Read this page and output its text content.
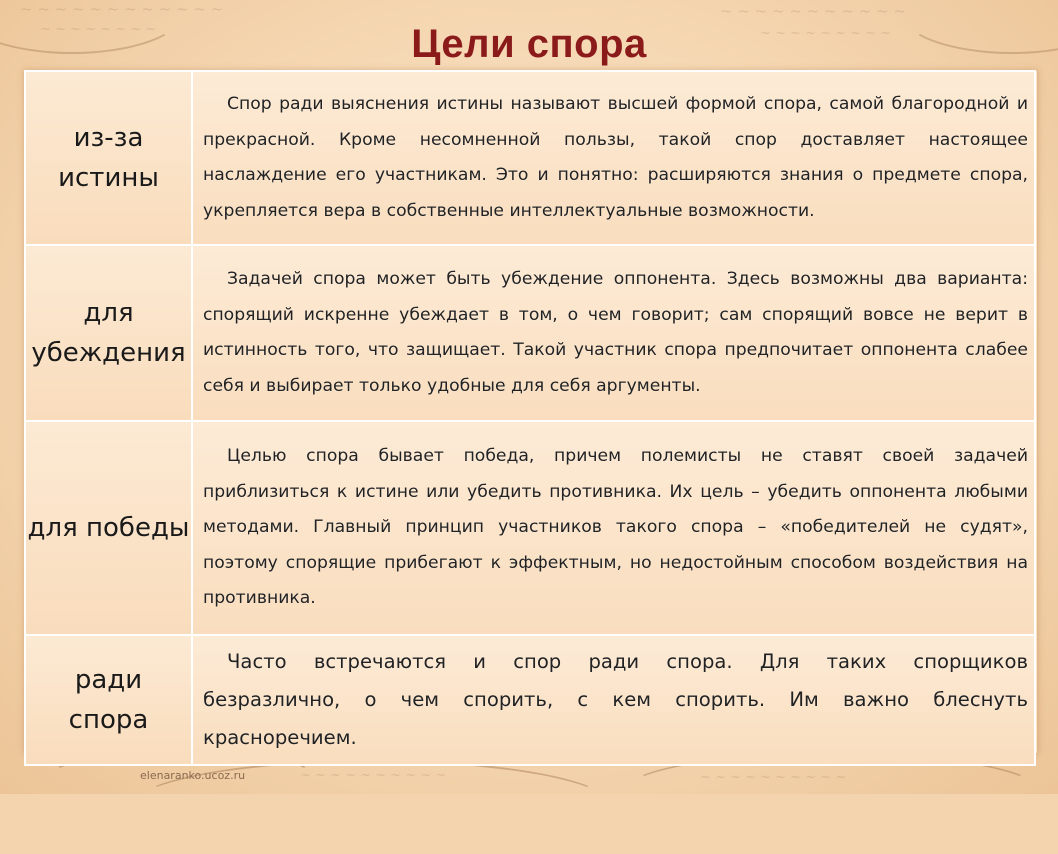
~ ~ ~ ~ ~ ~ ~ ~ ~ ~ ~ ~	~ ~ ~ ~ ~ ~ ~ ~ ~ ~ ~
~ ~ ~ ~ ~ ~ ~ ~	~ ~ ~ ~ ~ ~ ~ ~ ~
~ ~ ~ ~ ~ ~ ~ ~ ~ ~	~ ~ ~ ~ ~ ~ ~ ~ ~ ~
Цели спора
из-за
истины	Спор ради выяснения истины называют высшей формой спора, самой благородной и прекрасной. Кроме несомненной пользы, такой спор доставляет настоящее наслаждение его участникам. Это и понятно: расширяются знания о предмете спора, укрепляется вера в собственные интеллектуальные возможности.

для
убеждения	Задачей спора может быть убеждение оппонента. Здесь возможны два варианта: спорящий искренне убеждает в том, о чем говорит; сам спорящий вовсе не верит в истинность того, что защищает. Такой участник спора предпочитает оппонента слабее себя и выбирает только удобные для себя аргументы.

для победы	Целью спора бывает победа, причем полемисты не ставят своей задачей приблизиться к истине или убедить противника. Их цель – убедить оппонента любыми методами. Главный принцип участников такого спора – «победителей не судят», поэтому спорящие прибегают к эффектным, но недостойным способом воздействия на противника.

ради
спора	Часто встречаются и спор ради спора. Для таких спорщиков безразлично, о чем спорить, с кем спорить. Им важно блеснуть красноречием.
elenaranko.ucoz.ru
